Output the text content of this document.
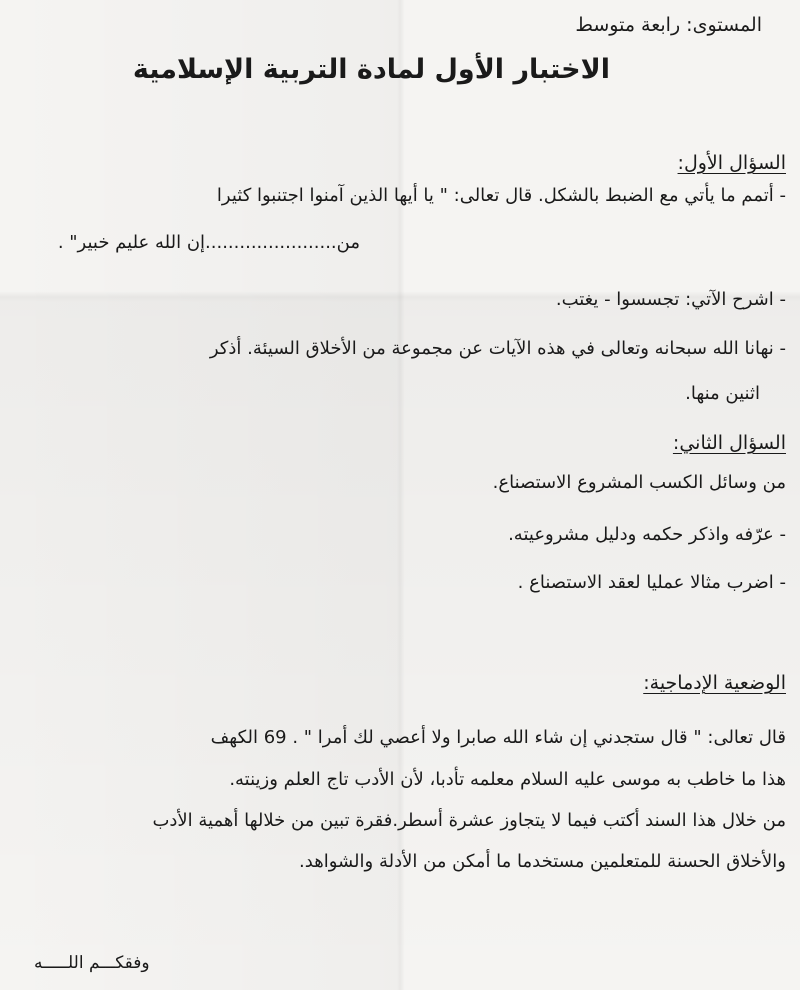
المستوى: رابعة متوسط

الاختبار الأول لمادة التربية الإسلامية

السؤال الأول:

- أتمم ما يأتي مع الضبط بالشكل. قال تعالى: " يا أيها الذين آمنوا اجتنبوا كثيرا

من.......................إن الله عليم خبير" .

- اشرح الآتي: تجسسوا - يغتب.

- نهانا الله سبحانه وتعالى في هذه الآيات عن مجموعة من الأخلاق السيئة. أذكر

اثنين منها.

السؤال الثاني:

من وسائل الكسب المشروع الاستصناع.

- عرّفه واذكر حكمه ودليل مشروعيته.

- اضرب مثالا عمليا لعقد الاستصناع .

الوضعية الإدماجية:

قال تعالى: " قال ستجدني إن شاء الله صابرا ولا أعصي لك أمرا " . 69 الكهف

هذا ما خاطب به موسى عليه السلام معلمه تأدبا، لأن الأدب تاج العلم وزينته.

من خلال هذا السند أكتب فيما لا يتجاوز عشرة أسطر.فقرة تبين من خلالها أهمية الأدب

والأخلاق الحسنة للمتعلمين مستخدما ما أمكن من الأدلة والشواهد.

وفقكـــم اللـــــه
